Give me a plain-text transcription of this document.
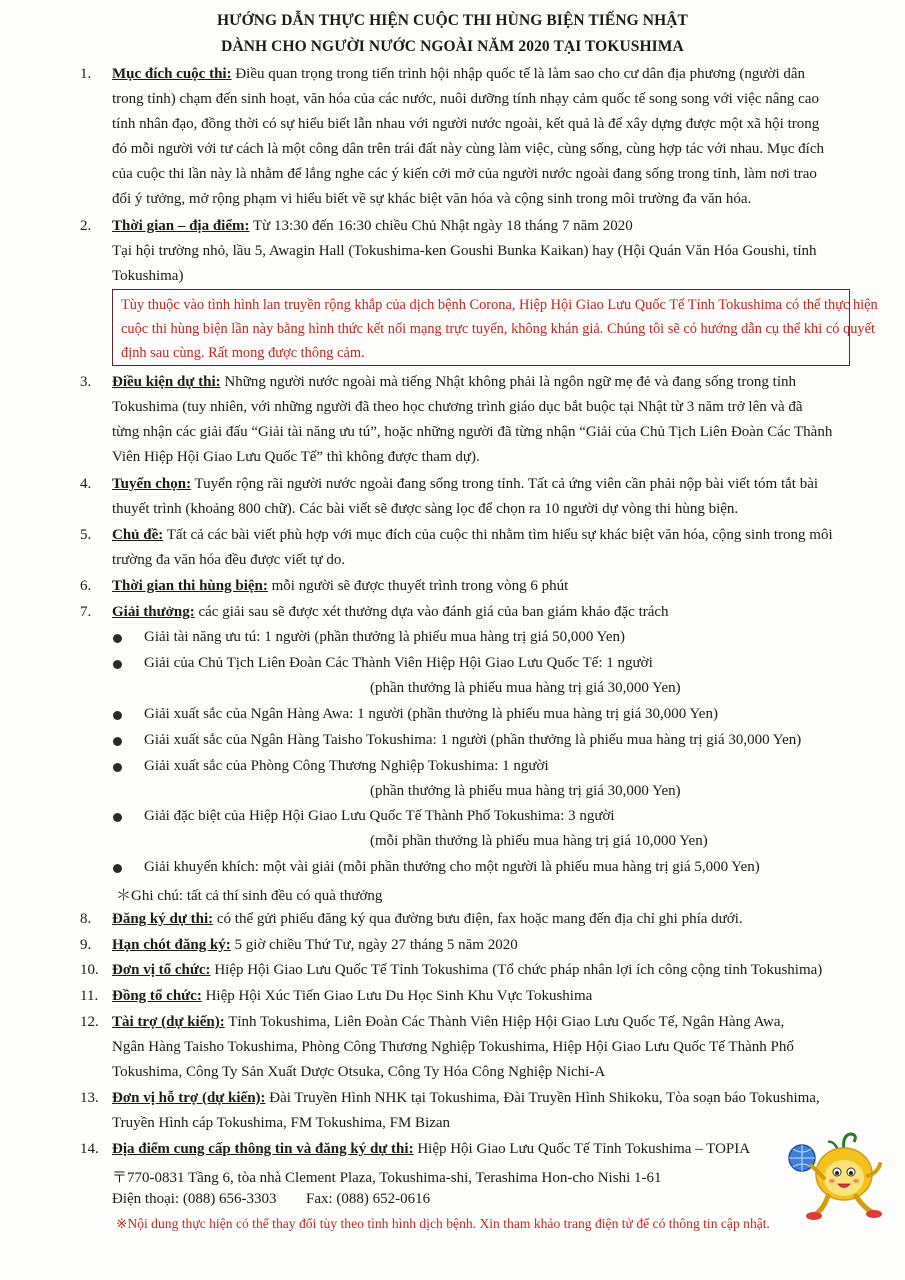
HƯỚNG DẪN THỰC HIỆN CUỘC THI HÙNG BIỆN TIẾNG NHẬT
DÀNH CHO NGƯỜI NƯỚC NGOÀI NĂM 2020 TẠI TOKUSHIMA
1. Mục đích cuộc thi: Điều quan trọng trong tiến trình hội nhập quốc tế là làm sao cho cư dân địa phương (người dân
trong tỉnh) chạm đến sinh hoạt, văn hóa của các nước, nuôi dưỡng tính nhạy cảm quốc tế song song với việc nâng cao
tính nhân đạo, đồng thời có sự hiểu biết lẫn nhau với người nước ngoài, kết quả là để xây dựng được một xã hội trong
đó mỗi người với tư cách là một công dân trên trái đất này cùng làm việc, cùng sống, cùng hợp tác với nhau. Mục đích
của cuộc thi lần này là nhằm để lắng nghe các ý kiến cởi mở của người nước ngoài đang sống trong tỉnh, làm nơi trao
đổi ý tưởng, mở rộng phạm vi hiểu biết về sự khác biệt văn hóa và cộng sinh trong môi trường đa văn hóa.
2. Thời gian – địa điểm: Từ 13:30 đến 16:30 chiều Chủ Nhật ngày 18 tháng 7 năm 2020
Tại hội trường nhỏ, lầu 5, Awagin Hall (Tokushima-ken Goushi Bunka Kaikan) hay (Hội Quán Văn Hóa Goushi, tỉnh
Tokushima)
Tùy thuộc vào tình hình lan truyền rộng khắp của dịch bệnh Corona, Hiệp Hội Giao Lưu Quốc Tế Tỉnh Tokushima có thể thực hiện
cuộc thi hùng biện lần này bằng hình thức kết nối mạng trực tuyến, không khán giả. Chúng tôi sẽ có hướng dẫn cụ thể khi có quyết
định sau cùng. Rất mong được thông cảm.
3. Điều kiện dự thi: Những người nước ngoài mà tiếng Nhật không phải là ngôn ngữ mẹ đẻ và đang sống trong tỉnh
Tokushima (tuy nhiên, với những người đã theo học chương trình giáo dục bắt buộc tại Nhật từ 3 năm trở lên và đã
từng nhận các giải đấu “Giải tài năng ưu tú”, hoặc những người đã từng nhận “Giải của Chủ Tịch Liên Đoàn Các Thành
Viên Hiệp Hội Giao Lưu Quốc Tế” thì không được tham dự).
4. Tuyển chọn: Tuyển rộng rãi người nước ngoài đang sống trong tỉnh. Tất cả ứng viên cần phải nộp bài viết tóm tắt bài
thuyết trình (khoảng 800 chữ). Các bài viết sẽ được sàng lọc để chọn ra 10 người dự vòng thi hùng biện.
5. Chủ đề: Tất cả các bài viết phù hợp với mục đích của cuộc thi nhằm tìm hiểu sự khác biệt văn hóa, cộng sinh trong môi
trường đa văn hóa đều được viết tự do.
6. Thời gian thi hùng biện: mỗi người sẽ được thuyết trình trong vòng 6 phút
7. Giải thưởng: các giải sau sẽ được xét thưởng dựa vào đánh giá của ban giám khảo đặc trách
Giải tài năng ưu tú: 1 người (phần thưởng là phiếu mua hàng trị giá 50,000 Yen)
Giải của Chủ Tịch Liên Đoàn Các Thành Viên Hiệp Hội Giao Lưu Quốc Tế: 1 người
(phần thưởng là phiếu mua hàng trị giá 30,000 Yen)
Giải xuất sắc của Ngân Hàng Awa: 1 người (phần thưởng là phiếu mua hàng trị giá 30,000 Yen)
Giải xuất sắc của Ngân Hàng Taisho Tokushima: 1 người (phần thưởng là phiếu mua hàng trị giá 30,000 Yen)
Giải xuất sắc của Phòng Công Thương Nghiệp Tokushima: 1 người
(phần thưởng là phiếu mua hàng trị giá 30,000 Yen)
Giải đặc biệt của Hiệp Hội Giao Lưu Quốc Tế Thành Phố Tokushima: 3 người
(mỗi phần thưởng là phiếu mua hàng trị giá 10,000 Yen)
Giải khuyến khích: một vài giải (mỗi phần thưởng cho một người là phiếu mua hàng trị giá 5,000 Yen)
＊Ghi chú: tất cả thí sinh đều có quà thưởng
8. Đăng ký dự thi: có thể gửi phiếu đăng ký qua đường bưu điện, fax hoặc mang đến địa chỉ ghi phía dưới.
9. Hạn chót đăng ký: 5 giờ chiều Thứ Tư, ngày 27 tháng 5 năm 2020
10. Đơn vị tổ chức: Hiệp Hội Giao Lưu Quốc Tế Tỉnh Tokushima (Tổ chức pháp nhân lợi ích công cộng tỉnh Tokushima)
11. Đồng tổ chức: Hiệp Hội Xúc Tiến Giao Lưu Du Học Sinh Khu Vực Tokushima
12. Tài trợ (dự kiến): Tỉnh Tokushima, Liên Đoàn Các Thành Viên Hiệp Hội Giao Lưu Quốc Tế, Ngân Hàng Awa,
Ngân Hàng Taisho Tokushima, Phòng Công Thương Nghiệp Tokushima, Hiệp Hội Giao Lưu Quốc Tế Thành Phố
Tokushima, Công Ty Sản Xuất Dược Otsuka, Công Ty Hóa Công Nghiệp Nichi-A
13. Đơn vị hỗ trợ (dự kiến): Đài Truyền Hình NHK tại Tokushima, Đài Truyền Hình Shikoku, Tòa soạn báo Tokushima,
Truyền Hình cáp Tokushima, FM Tokushima, FM Bizan
14. Địa điểm cung cấp thông tin và đăng ký dự thi: Hiệp Hội Giao Lưu Quốc Tế Tỉnh Tokushima – TOPIA
〒770-0831 Tầng 6, tòa nhà Clement Plaza, Tokushima-shi, Terashima Hon-cho Nishi 1-61
Điện thoại: (088) 656-3303 Fax: (088) 652-0616
※Nội dung thực hiện có thể thay đổi tùy theo tình hình dịch bệnh. Xin tham khảo trang điện tử để có thông tin cập nhật.
